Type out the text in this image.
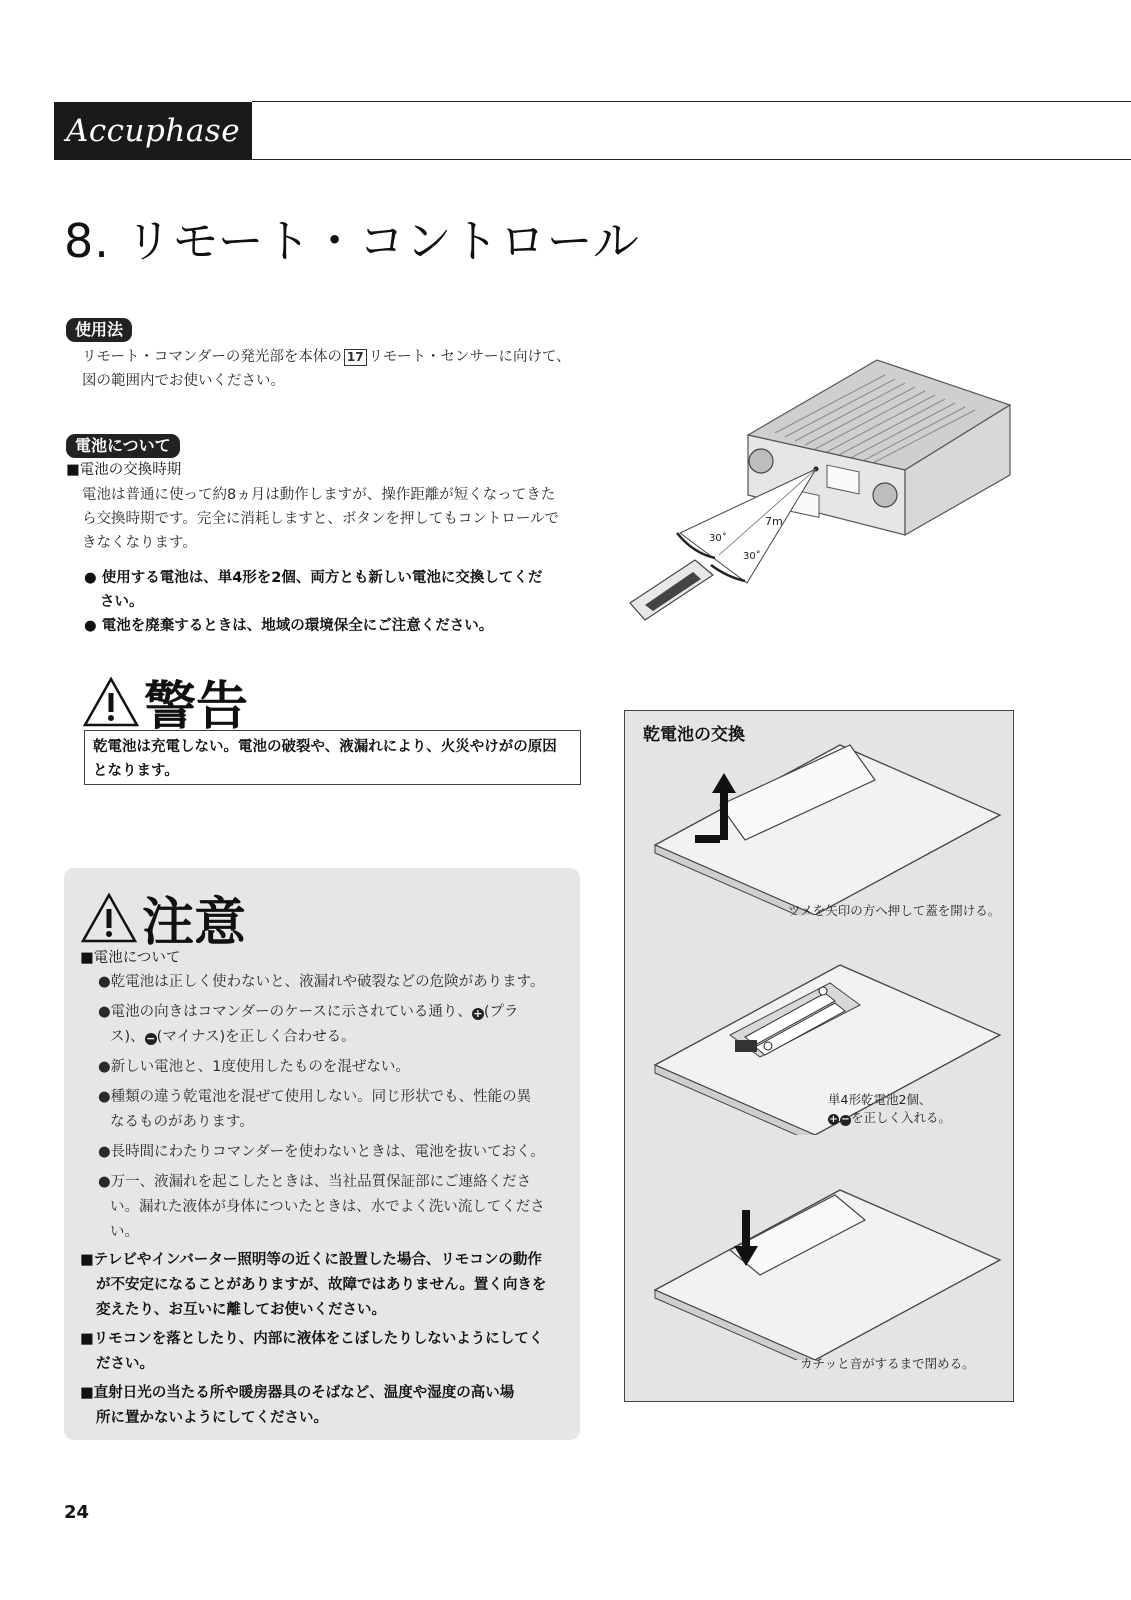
Accuphase
8. リモート・コントロール
使用法
リモート・コマンダーの発光部を本体の 17 リモート・センサーに向けて、
図の範囲内でお使いください。
電池について
■電池の交換時期
電池は普通に使って約8ヵ月は動作しますが、操作距離が短くなってきた
ら交換時期です。完全に消耗しますと、ボタンを押してもコントロールで
きなくなります。
● 使用する電池は、単4形を2個、両方とも新しい電池に交換してくだ
さい。
● 電池を廃棄するときは、地域の環境保全にご注意ください。
警告
乾電池は充電しない。電池の破裂や、液漏れにより、火災やけがの原因
となります。
注意
■電池について
●乾電池は正しく使わないと、液漏れや破裂などの危険があります。
●電池の向きはコマンダーのケースに示されている通り、+(プラ
ス)、−(マイナス)を正しく合わせる。
●新しい電池と、1度使用したものを混ぜない。
●種類の違う乾電池を混ぜて使用しない。同じ形状でも、性能の異
なるものがあります。
●長時間にわたりコマンダーを使わないときは、電池を抜いておく。
●万一、液漏れを起こしたときは、当社品質保証部にご連絡くださ
い。漏れた液体が身体についたときは、水でよく洗い流してくださ
い。
■テレビやインバーター照明等の近くに設置した場合、リモコンの動作
が不安定になることがありますが、故障ではありません。置く向きを
変えたり、お互いに離してお使いください。
■リモコンを落としたり、内部に液体をこぼしたりしないようにしてく
ださい。
■直射日光の当たる所や暖房器具のそばなど、温度や湿度の高い場
所に置かないようにしてください。
7m
30˚
30˚
乾電池の交換
ツメを矢印の方へ押して蓋を開ける。
単4形乾電池2個、
+ −を正しく入れる。
カチッと音がするまで閉める。
24
